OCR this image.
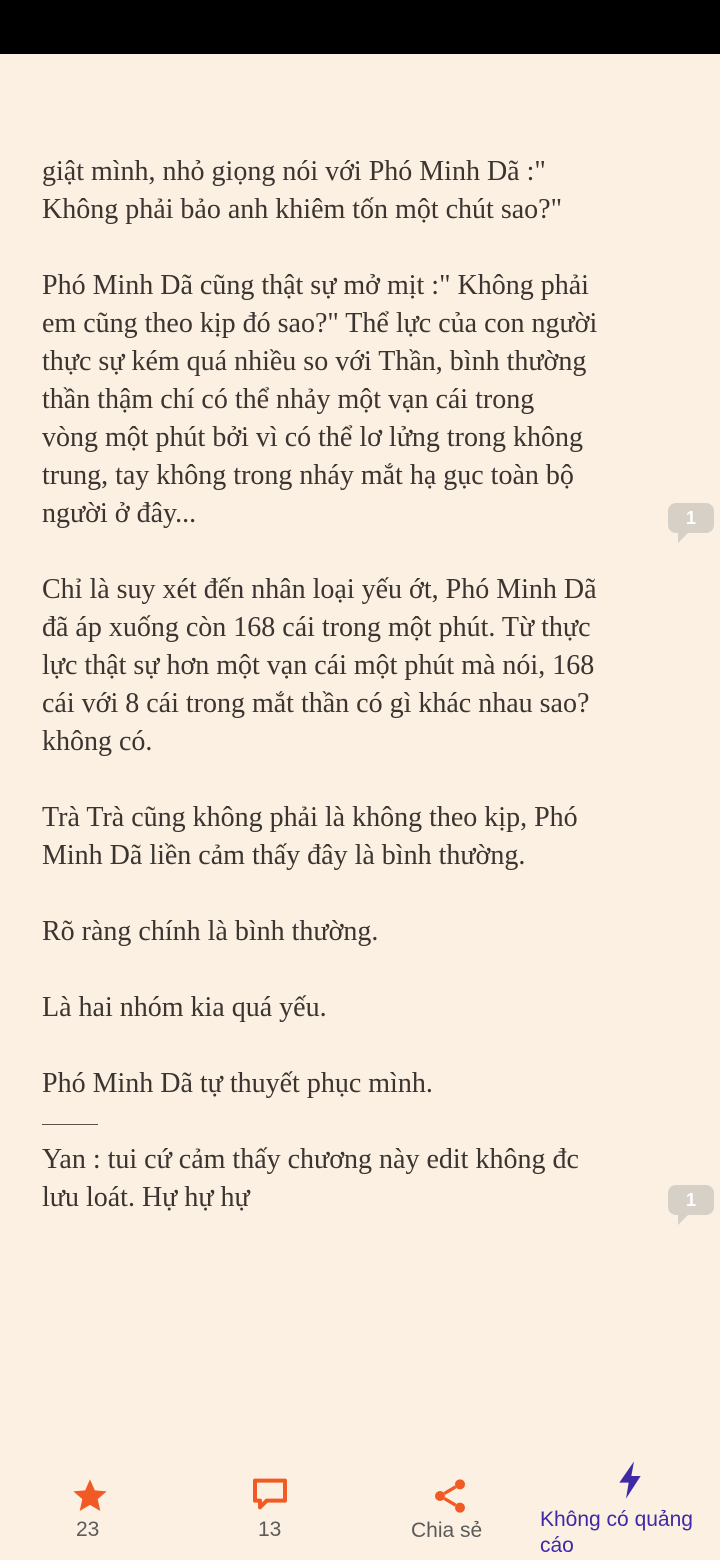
giật mình, nhỏ giọng nói với Phó Minh Dã :"
Không phải bảo anh khiêm tốn một chút sao?"

Phó Minh Dã cũng thật sự mở mịt :" Không phải
em cũng theo kịp đó sao?" Thể lực của con người
thực sự kém quá nhiều so với Thần, bình thường
thần thậm chí có thể nhảy một vạn cái trong
vòng một phút bởi vì có thể lơ lửng trong không
trung, tay không trong nháy mắt hạ gục toàn bộ
người ở đây...	1

Chỉ là suy xét đến nhân loại yếu ớt, Phó Minh Dã
đã áp xuống còn 168 cái trong một phút. Từ thực
lực thật sự hơn một vạn cái một phút mà nói, 168
cái với 8 cái trong mắt thần có gì khác nhau sao?
không có.

Trà Trà cũng không phải là không theo kịp, Phó
Minh Dã liền cảm thấy đây là bình thường.

Rõ ràng chính là bình thường.

Là hai nhóm kia quá yếu.

Phó Minh Dã tự thuyết phục mình.

Yan : tui cứ cảm thấy chương này edit không đc
lưu loát. Hự hự hự	1
23	13	Chia sẻ	Không có quảng cáo
